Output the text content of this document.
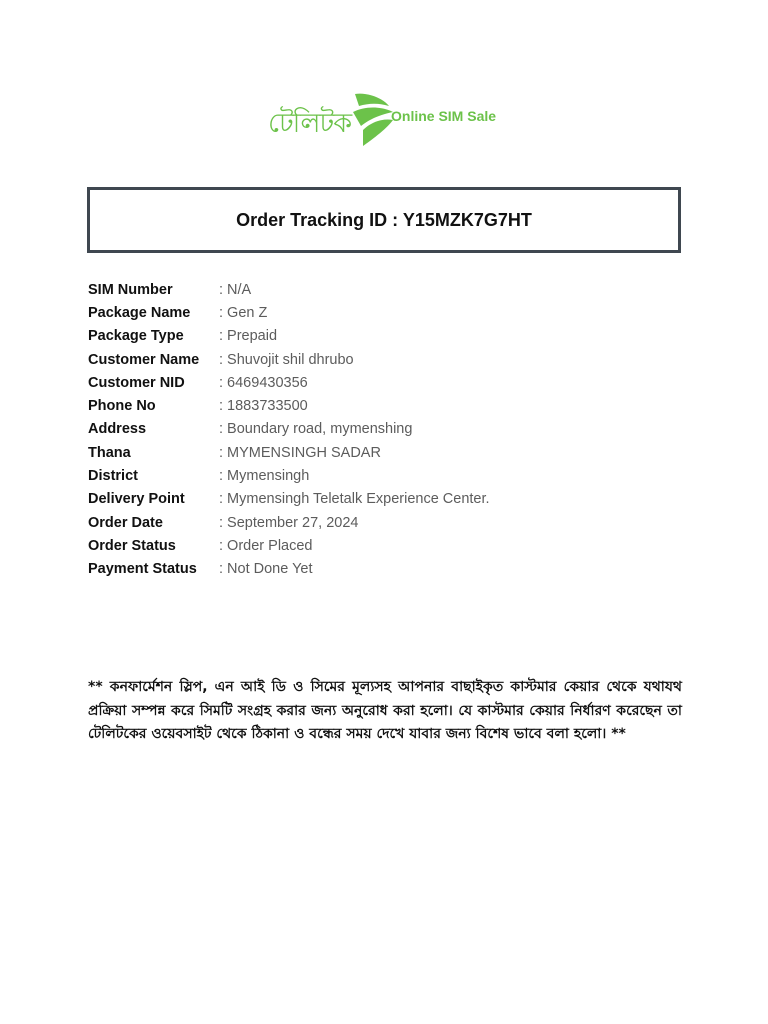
টেলিটক	Online SIM Sale
Order Tracking ID : Y15MZK7G7HT
SIM Number	: N/A
Package Name	: Gen Z
Package Type	: Prepaid
Customer Name	: Shuvojit shil dhrubo
Customer NID	: 6469430356
Phone No	: 1883733500
Address	: Boundary road, mymenshing
Thana	: MYMENSINGH SADAR
District	: Mymensingh
Delivery Point	: Mymensingh Teletalk Experience Center.
Order Date	: September 27, 2024
Order Status	: Order Placed
Payment Status	: Not Done Yet
** কনফার্মেশন স্লিপ, এন আই ডি ও সিমের মূল্যসহ আপনার বাছাইকৃত কাস্টমার কেয়ার থেকে যথাযথ প্রক্রিয়া সম্পন্ন করে সিমটি সংগ্রহ করার জন্য অনুরোধ করা হলো। যে কাস্টমার কেয়ার নির্ধারণ করেছেন তা টেলিটকের ওয়েবসাইট থেকে ঠিকানা ও বন্ধের সময় দেখে যাবার জন্য বিশেষ ভাবে বলা হলো। **
